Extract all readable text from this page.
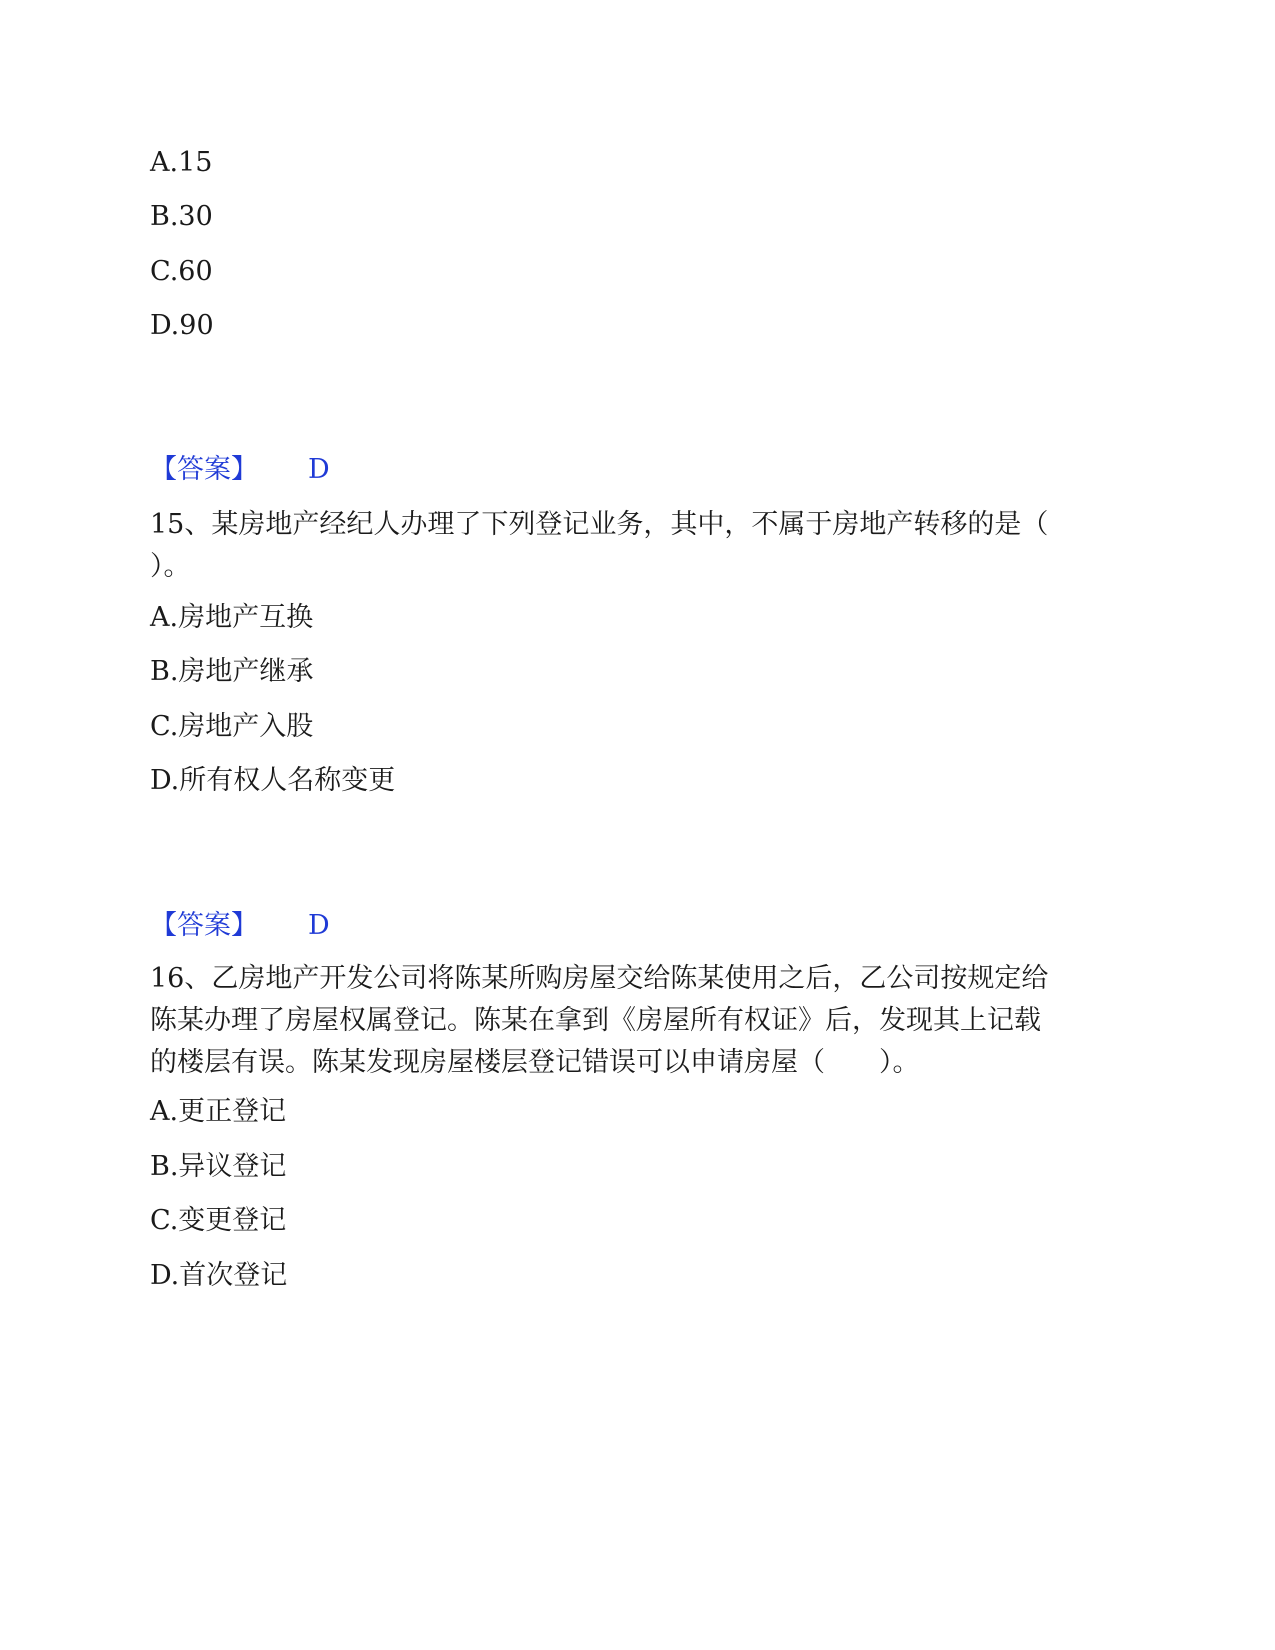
A.15
B.30
C.60
D.90
【答案】 D
15、某房地产经纪人办理了下列登记业务，其中，不属于房地产转移的是（
）。
A.房地产互换
B.房地产继承
C.房地产入股
D.所有权人名称变更
【答案】 D
16、乙房地产开发公司将陈某所购房屋交给陈某使用之后，乙公司按规定给
陈某办理了房屋权属登记。陈某在拿到《房屋所有权证》后，发现其上记载
的楼层有误。陈某发现房屋楼层登记错误可以申请房屋（　　）。
A.更正登记
B.异议登记
C.变更登记
D.首次登记
